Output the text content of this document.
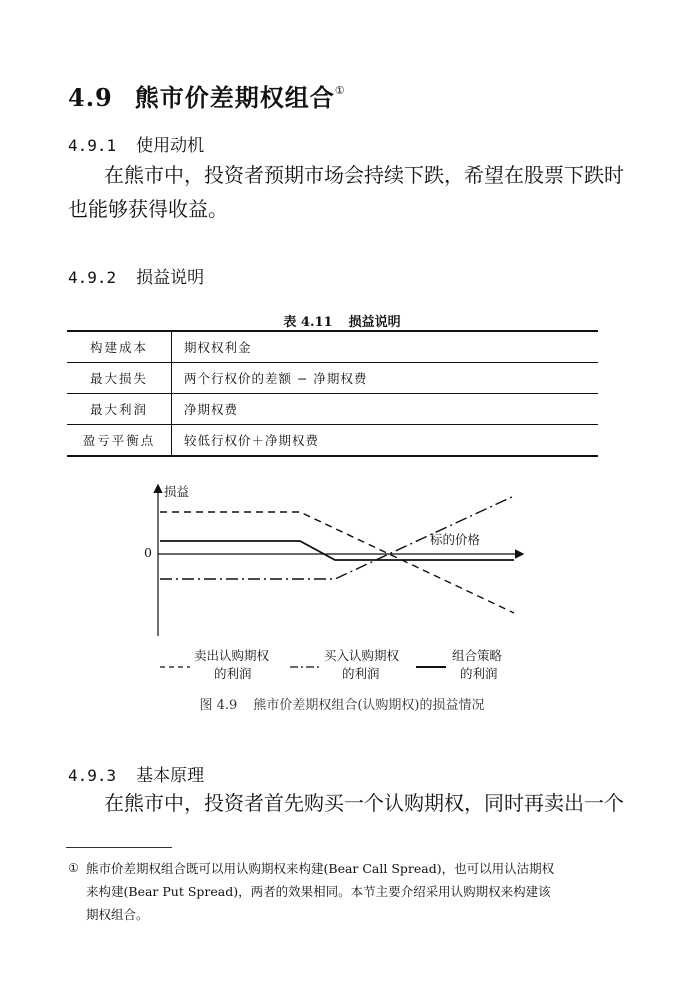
4.9 熊市价差期权组合①
4.9.1 使用动机
在熊市中，投资者预期市场会持续下跌，希望在股票下跌时
也能够获得收益。
4.9.2 损益说明
表 4.11 损益说明
构建成本	期权权利金
最大损失	两个行权价的差额 − 净期权费
最大利润	净期权费
盈亏平衡点	较低行权价＋净期权费
损益
0
标的价格
卖出认购期权
的利润
买入认购期权
的利润
组合策略
的利润
图 4.9 熊市价差期权组合(认购期权)的损益情况
4.9.3 基本原理
在熊市中，投资者首先购买一个认购期权，同时再卖出一个
① 熊市价差期权组合既可以用认购期权来构建(Bear Call Spread)，也可以用认沽期权
来构建(Bear Put Spread)，两者的效果相同。本节主要介绍采用认购期权来构建该
期权组合。
